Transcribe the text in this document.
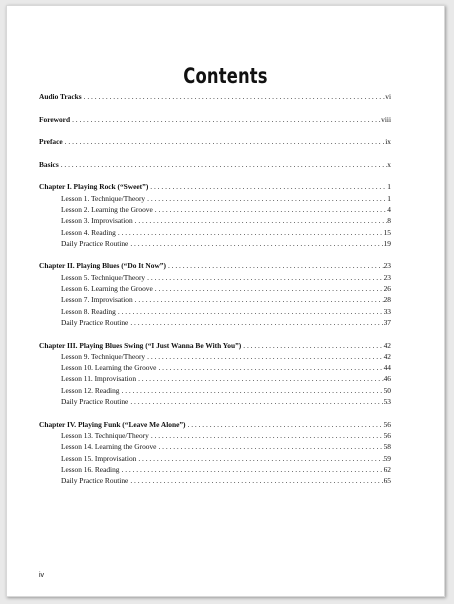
Contents
Audio Tracks . . .	vi
Foreword . . .	viii
Preface . . .	ix
Basics . . .	x
Chapter I. Playing Rock (“Sweet”) . . .	1
Lesson 1. Technique/Theory . . .	1
Lesson 2. Learning the Groove . . .	4
Lesson 3. Improvisation . . .	8
Lesson 4. Reading . . .	15
Daily Practice Routine . . .	19
Chapter II. Playing Blues (“Do It Now”) . . .	23
Lesson 5. Technique/Theory . . .	23
Lesson 6. Learning the Groove . . .	26
Lesson 7. Improvisation . . .	28
Lesson 8. Reading . . .	33
Daily Practice Routine . . .	37
Chapter III. Playing Blues Swing (“I Just Wanna Be With You”) . . .	42
Lesson 9. Technique/Theory . . .	42
Lesson 10. Learning the Groove . . .	44
Lesson 11. Improvisation . . .	46
Lesson 12. Reading . . .	50
Daily Practice Routine . . .	53
Chapter IV. Playing Funk (“Leave Me Alone”) . . .	56
Lesson 13. Technique/Theory . . .	56
Lesson 14. Learning the Groove . . .	58
Lesson 15. Improvisation . . .	59
Lesson 16. Reading . . .	62
Daily Practice Routine . . .	65
iv
